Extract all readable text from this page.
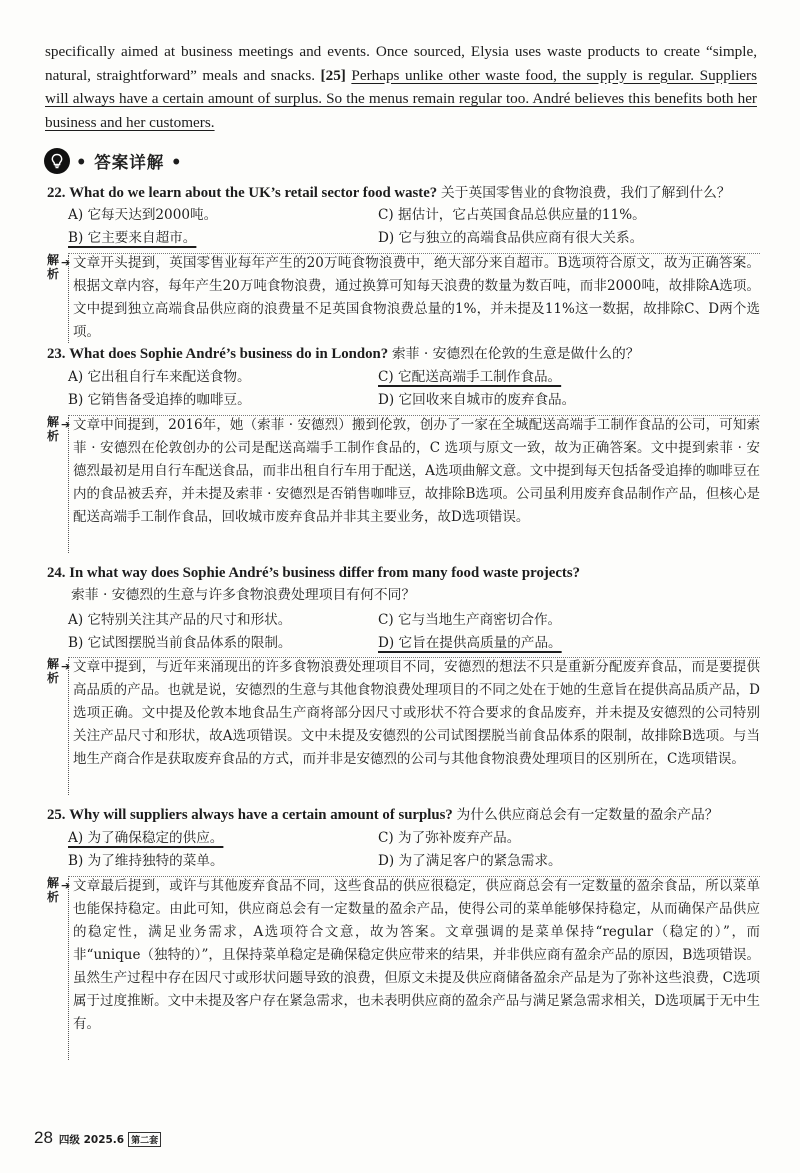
specifically aimed at business meetings and events. Once sourced, Elysia uses waste products to create “simple, natural, straightforward” meals and snacks. [25] Perhaps unlike other waste food, the supply is regular. Suppliers will always have a certain amount of surplus. So the menus remain regular too. André believes this benefits both her business and her customers.
• 答案详解 •
22. What do we learn about the UK’s retail sector food waste? 关于英国零售业的食物浪费，我们了解到什么？
A) 它每天达到2000吨。	C) 据估计，它占英国食品总供应量的11%。
B) 它主要来自超市。	D) 它与独立的高端食品供应商有很大关系。
解析
➔ 文章开头提到，英国零售业每年产生的20万吨食物浪费中，绝大部分来自超市。B选项符合原文，故为正确答案。根据文章内容，每年产生20万吨食物浪费，通过换算可知每天浪费的数量为数百吨，而非2000吨，故排除A选项。文中提到独立高端食品供应商的浪费量不足英国食物浪费总量的1%，并未提及11%这一数据，故排除C、D两个选项。
23. What does Sophie André’s business do in London? 索菲 · 安德烈在伦敦的生意是做什么的？
A) 它出租自行车来配送食物。	C) 它配送高端手工制作食品。
B) 它销售备受追捧的咖啡豆。	D) 它回收来自城市的废弃食品。
解析
➔ 文章中间提到，2016年，她（索菲 · 安德烈）搬到伦敦，创办了一家在全城配送高端手工制作食品的公司，可知索菲 · 安德烈在伦敦创办的公司是配送高端手工制作食品的，C 选项与原文一致，故为正确答案。文中提到索菲 · 安德烈最初是用自行车配送食品，而非出租自行车用于配送，A选项曲解文意。文中提到每天包括备受追捧的咖啡豆在内的食品被丢弃，并未提及索菲 · 安德烈是否销售咖啡豆，故排除B选项。公司虽利用废弃食品制作产品，但核心是配送高端手工制作食品，回收城市废弃食品并非其主要业务，故D选项错误。
24. In what way does Sophie André’s business differ from many food waste projects?
索菲 · 安德烈的生意与许多食物浪费处理项目有何不同？
A) 它特别关注其产品的尺寸和形状。	C) 它与当地生产商密切合作。
B) 它试图摆脱当前食品体系的限制。	D) 它旨在提供高质量的产品。
解析
➔ 文章中提到，与近年来涌现出的许多食物浪费处理项目不同，安德烈的想法不只是重新分配废弃食品，而是要提供高品质的产品。也就是说，安德烈的生意与其他食物浪费处理项目的不同之处在于她的生意旨在提供高品质产品，D选项正确。文中提及伦敦本地食品生产商将部分因尺寸或形状不符合要求的食品废弃，并未提及安德烈的公司特别关注产品尺寸和形状，故A选项错误。文中未提及安德烈的公司试图摆脱当前食品体系的限制，故排除B选项。与当地生产商合作是获取废弃食品的方式，而并非是安德烈的公司与其他食物浪费处理项目的区别所在，C选项错误。
25. Why will suppliers always have a certain amount of surplus? 为什么供应商总会有一定数量的盈余产品？
A) 为了确保稳定的供应。	C) 为了弥补废弃产品。
B) 为了维持独特的菜单。	D) 为了满足客户的紧急需求。
解析
➔ 文章最后提到，或许与其他废弃食品不同，这些食品的供应很稳定，供应商总会有一定数量的盈余食品，所以菜单也能保持稳定。由此可知，供应商总会有一定数量的盈余产品，使得公司的菜单能够保持稳定，从而确保产品供应的稳定性，满足业务需求，A选项符合文意，故为答案。文章强调的是菜单保持“regular（稳定的）”，而非“unique（独特的）”，且保持菜单稳定是确保稳定供应带来的结果，并非供应商有盈余产品的原因，B选项错误。虽然生产过程中存在因尺寸或形状问题导致的浪费，但原文未提及供应商储备盈余产品是为了弥补这些浪费，C选项属于过度推断。文中未提及客户存在紧急需求，也未表明供应商的盈余产品与满足紧急需求相关，D选项属于无中生有。
28 四级 2025.6 第二套
